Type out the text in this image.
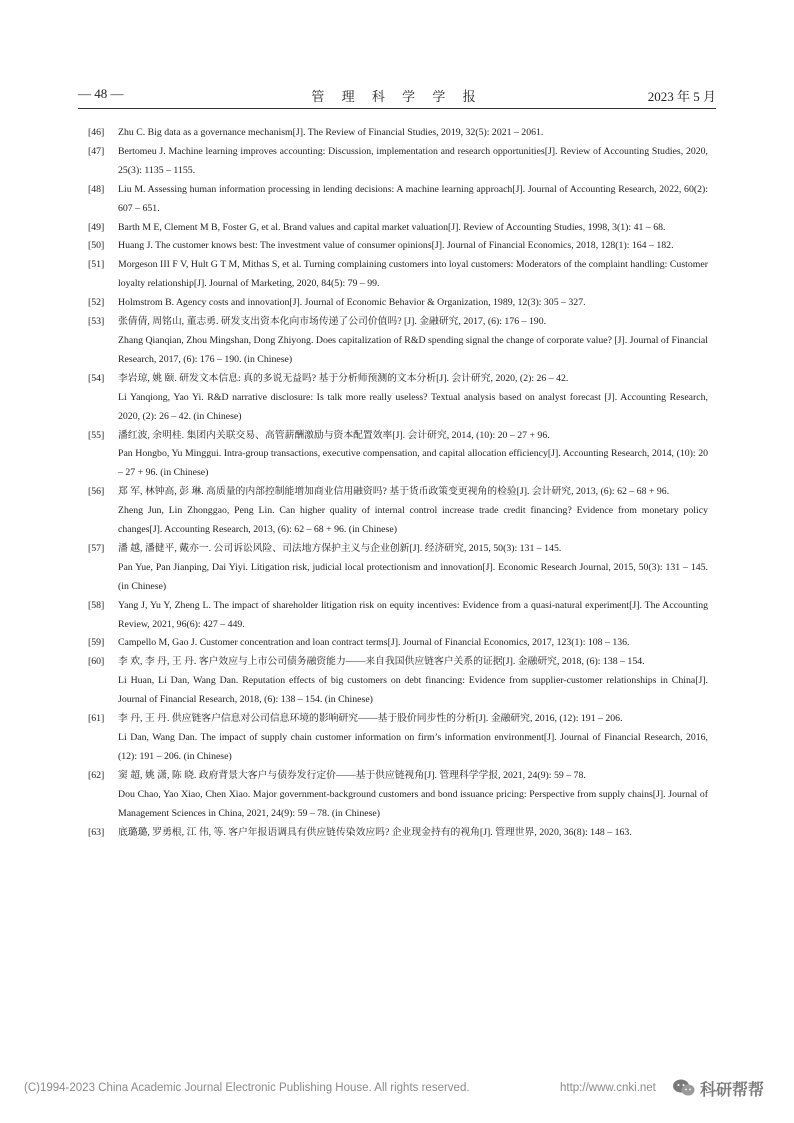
— 48 —	管 理 科 学 学 报	2023 年 5 月
[46] Zhu C. Big data as a governance mechanism[J]. The Review of Financial Studies, 2019, 32(5): 2021 – 2061.
[47] Bertomeu J. Machine learning improves accounting: Discussion, implementation and research opportunities[J]. Review of Accounting Studies, 2020, 25(3): 1135 – 1155.
[48] Liu M. Assessing human information processing in lending decisions: A machine learning approach[J]. Journal of Accounting Research, 2022, 60(2): 607 – 651.
[49] Barth M E, Clement M B, Foster G, et al. Brand values and capital market valuation[J]. Review of Accounting Studies, 1998, 3(1): 41 – 68.
[50] Huang J. The customer knows best: The investment value of consumer opinions[J]. Journal of Financial Economics, 2018, 128(1): 164 – 182.
[51] Morgeson III F V, Hult G T M, Mithas S, et al. Turning complaining customers into loyal customers: Moderators of the complaint handling: Customer loyalty relationship[J]. Journal of Marketing, 2020, 84(5): 79 – 99.
[52] Holmstrom B. Agency costs and innovation[J]. Journal of Economic Behavior & Organization, 1989, 12(3): 305 – 327.
[53] 张倩倩, 周铭山, 董志勇. 研发支出资本化向市场传递了公司价值吗? [J]. 金融研究, 2017, (6): 176 – 190.
Zhang Qianqian, Zhou Mingshan, Dong Zhiyong. Does capitalization of R&D spending signal the change of corporate value? [J]. Journal of Financial Research, 2017, (6): 176 – 190. (in Chinese)
[54] 李岩琼, 姚 颐. 研发文本信息: 真的多说无益吗? 基于分析师预测的文本分析[J]. 会计研究, 2020, (2): 26 – 42.
Li Yanqiong, Yao Yi. R&D narrative disclosure: Is talk more really useless? Textual analysis based on analyst forecast [J]. Accounting Research, 2020, (2): 26 – 42. (in Chinese)
[55] 潘红波, 余明桂. 集团内关联交易、高管薪酬激励与资本配置效率[J]. 会计研究, 2014, (10): 20 – 27 + 96.
Pan Hongbo, Yu Minggui. Intra-group transactions, executive compensation, and capital allocation efficiency[J]. Accounting Research, 2014, (10): 20 – 27 + 96. (in Chinese)
[56] 郑 军, 林钟高, 彭 琳. 高质量的内部控制能增加商业信用融资吗? 基于货币政策变更视角的检验[J]. 会计研究, 2013, (6): 62 – 68 + 96.
Zheng Jun, Lin Zhonggao, Peng Lin. Can higher quality of internal control increase trade credit financing? Evidence from monetary policy changes[J]. Accounting Research, 2013, (6): 62 – 68 + 96. (in Chinese)
[57] 潘 越, 潘健平, 戴亦一. 公司诉讼风险、司法地方保护主义与企业创新[J]. 经济研究, 2015, 50(3): 131 – 145.
Pan Yue, Pan Jianping, Dai Yiyi. Litigation risk, judicial local protectionism and innovation[J]. Economic Research Journal, 2015, 50(3): 131 – 145. (in Chinese)
[58] Yang J, Yu Y, Zheng L. The impact of shareholder litigation risk on equity incentives: Evidence from a quasi-natural experiment[J]. The Accounting Review, 2021, 96(6): 427 – 449.
[59] Campello M, Gao J. Customer concentration and loan contract terms[J]. Journal of Financial Economics, 2017, 123(1): 108 – 136.
[60] 李 欢, 李 丹, 王 丹. 客户效应与上市公司债务融资能力——来自我国供应链客户关系的证据[J]. 金融研究, 2018, (6): 138 – 154.
Li Huan, Li Dan, Wang Dan. Reputation effects of big customers on debt financing: Evidence from supplier-customer relationships in China[J]. Journal of Financial Research, 2018, (6): 138 – 154. (in Chinese)
[61] 李 丹, 王 丹. 供应链客户信息对公司信息环境的影响研究——基于股价同步性的分析[J]. 金融研究, 2016, (12): 191 – 206.
Li Dan, Wang Dan. The impact of supply chain customer information on firm’s information environment[J]. Journal of Financial Research, 2016, (12): 191 – 206. (in Chinese)
[62] 窦 超, 姚 潇, 陈 晓. 政府背景大客户与债券发行定价——基于供应链视角[J]. 管理科学学报, 2021, 24(9): 59 – 78.
Dou Chao, Yao Xiao, Chen Xiao. Major government-background customers and bond issuance pricing: Perspective from supply chains[J]. Journal of Management Sciences in China, 2021, 24(9): 59 – 78. (in Chinese)
[63] 底璐璐, 罗勇根, 江 伟, 等. 客户年报语调具有供应链传染效应吗? 企业现金持有的视角[J]. 管理世界, 2020, 36(8): 148 – 163.
(C)1994-2023 China Academic Journal Electronic Publishing House. All rights reserved.	http://www.cnki.net	科研帮帮
